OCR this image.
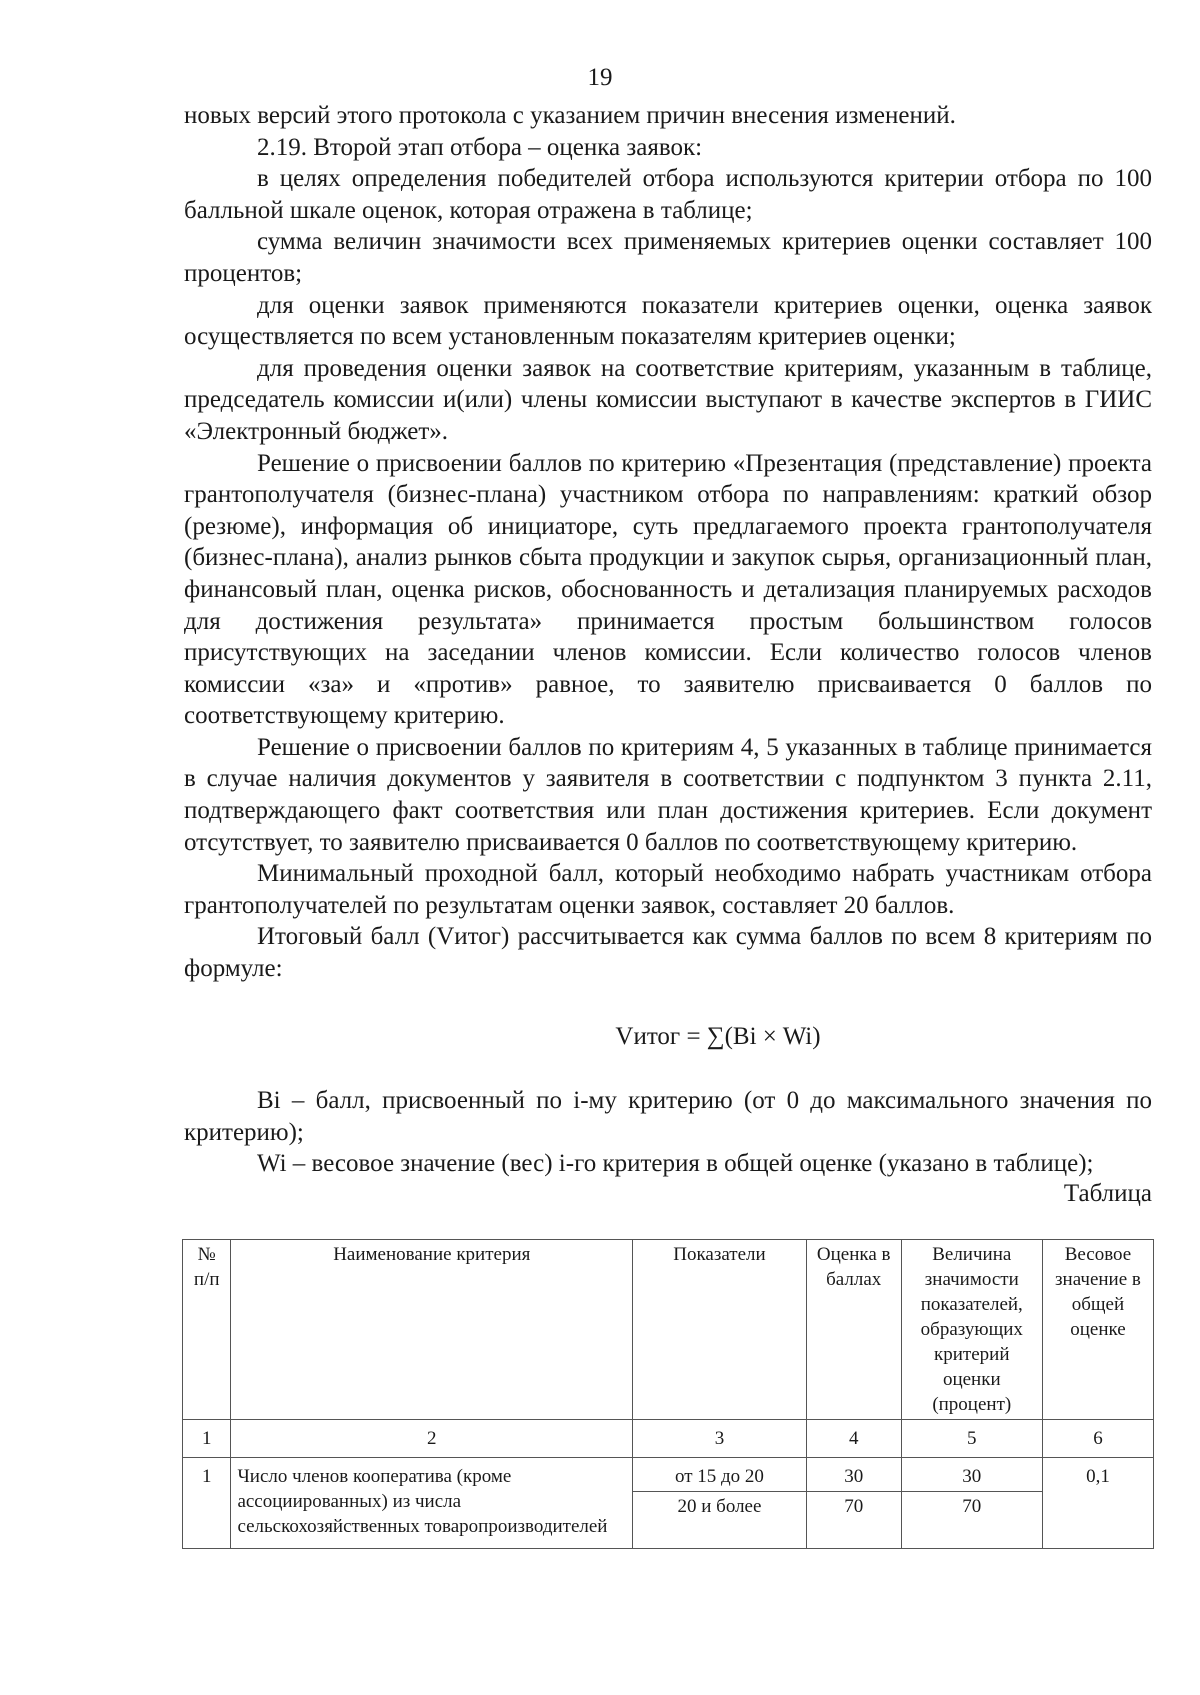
19

новых версий этого протокола с указанием причин внесения изменений.

2.19. Второй этап отбора – оценка заявок:

в целях определения победителей отбора используются критерии отбора по 100 балльной шкале оценок, которая отражена в таблице;

сумма величин значимости всех применяемых критериев оценки составляет 100 процентов;

для оценки заявок применяются показатели критериев оценки, оценка заявок осуществляется по всем установленным показателям критериев оценки;

для проведения оценки заявок на соответствие критериям, указанным в таблице, председатель комиссии и(или) члены комиссии выступают в качестве экспертов в ГИИС «Электронный бюджет».

Решение о присвоении баллов по критерию «Презентация (представление) проекта грантополучателя (бизнес-плана) участником отбора по направлениям: краткий обзор (резюме), информация об инициаторе, суть предлагаемого проекта грантополучателя (бизнес-плана), анализ рынков сбыта продукции и закупок сырья, организационный план, финансовый план, оценка рисков, обоснованность и детализация планируемых расходов для достижения результата» принимается простым большинством голосов присутствующих на заседании членов комиссии. Если количество голосов членов комиссии «за» и «против» равное, то заявителю присваивается 0 баллов по соответствующему критерию.

Решение о присвоении баллов по критериям 4, 5 указанных в таблице принимается в случае наличия документов у заявителя в соответствии с подпунктом 3 пункта 2.11, подтверждающего факт соответствия или план достижения критериев. Если документ отсутствует, то заявителю присваивается 0 баллов по соответствующему критерию.

Минимальный проходной балл, который необходимо набрать участникам отбора грантополучателей по результатам оценки заявок, составляет 20 баллов.

Итоговый балл (Vитог) рассчитывается как сумма баллов по всем 8 критериям по формуле:

Vитог = ∑(Bi × Wi)

Bi – балл, присвоенный по i-му критерию (от 0 до максимального значения по критерию);

Wi – весовое значение (вес) i-го критерия в общей оценке (указано в таблице);

Таблица
№ п/п	Наименование критерия	Показатели	Оценка в баллах	Величина значимости показателей, образующих критерий оценки (процент)	Весовое значение в общей оценке
1	2	3	4	5	6
1	Число членов кооператива (кроме ассоциированных) из числа сельскохозяйственных товаропроизводителей	от 15 до 20	30	30	0,1
		20 и более	70	70	
